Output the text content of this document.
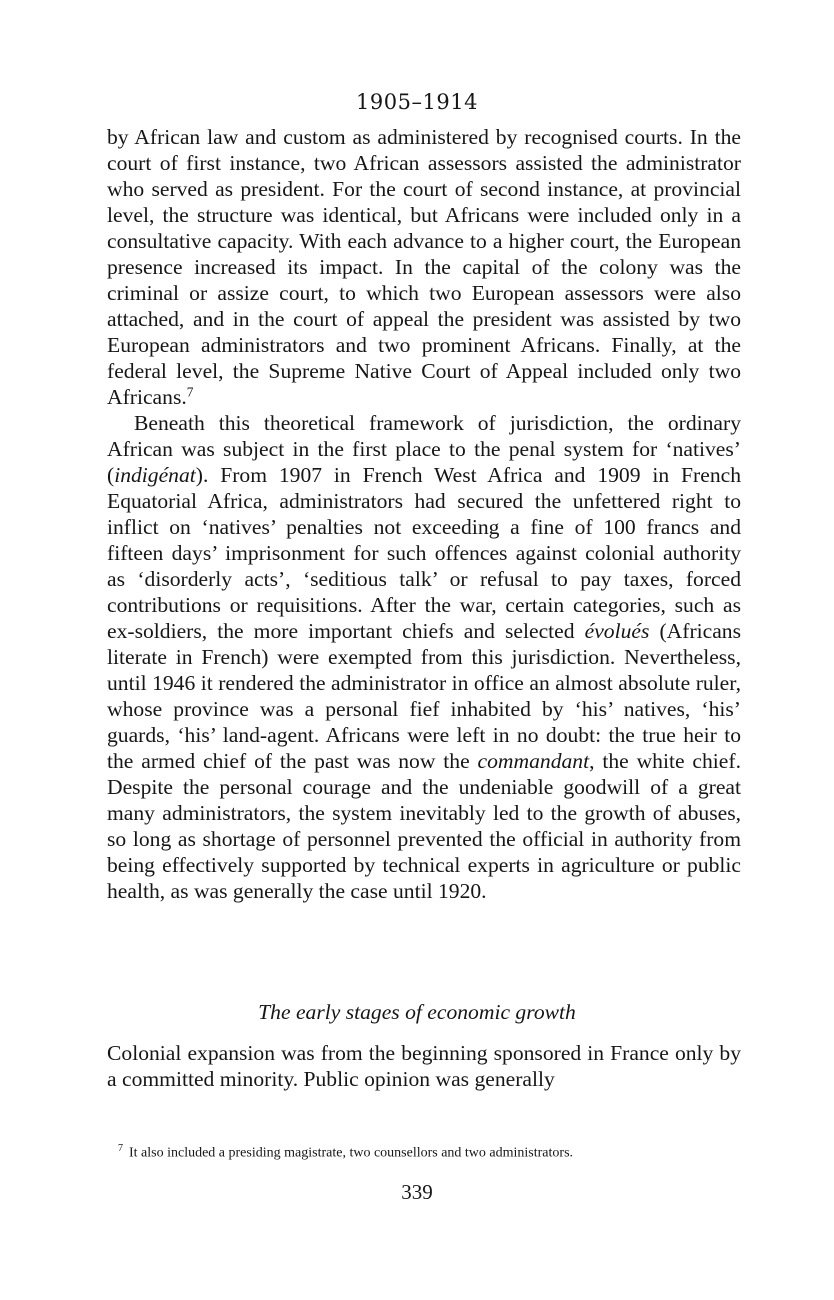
1905–1914

by African law and custom as administered by recognised courts. In the court of first instance, two African assessors assisted the administrator who served as president. For the court of second instance, at provincial level, the structure was identical, but Africans were included only in a consultative capacity. With each advance to a higher court, the European presence increased its impact. In the capital of the colony was the criminal or assize court, to which two European assessors were also attached, and in the court of appeal the president was assisted by two European administrators and two prominent Africans. Finally, at the federal level, the Supreme Native Court of Appeal included only two Africans.$^7$

Beneath this theoretical framework of jurisdiction, the ordinary African was subject in the first place to the penal system for ‘natives’ (indigénat). From 1907 in French West Africa and 1909 in French Equatorial Africa, administrators had secured the unfettered right to inflict on ‘natives’ penalties not exceeding a fine of 100 francs and fifteen days’ imprisonment for such offences against colonial authority as ‘disorderly acts’, ‘seditious talk’ or refusal to pay taxes, forced contributions or requisitions. After the war, certain categories, such as ex-soldiers, the more important chiefs and selected évolués (Africans literate in French) were exempted from this jurisdiction. Nevertheless, until 1946 it rendered the administrator in office an almost absolute ruler, whose province was a personal fief inhabited by ‘his’ natives, ‘his’ guards, ‘his’ land-agent. Africans were left in no doubt: the true heir to the armed chief of the past was now the commandant, the white chief. Despite the personal courage and the undeniable goodwill of a great many administrators, the system inevitably led to the growth of abuses, so long as shortage of personnel prevented the official in authority from being effectively supported by technical experts in agriculture or public health, as was generally the case until 1920.

The early stages of economic growth

Colonial expansion was from the beginning sponsored in France only by a committed minority. Public opinion was generally

$^7$ It also included a presiding magistrate, two counsellors and two administrators.
339
